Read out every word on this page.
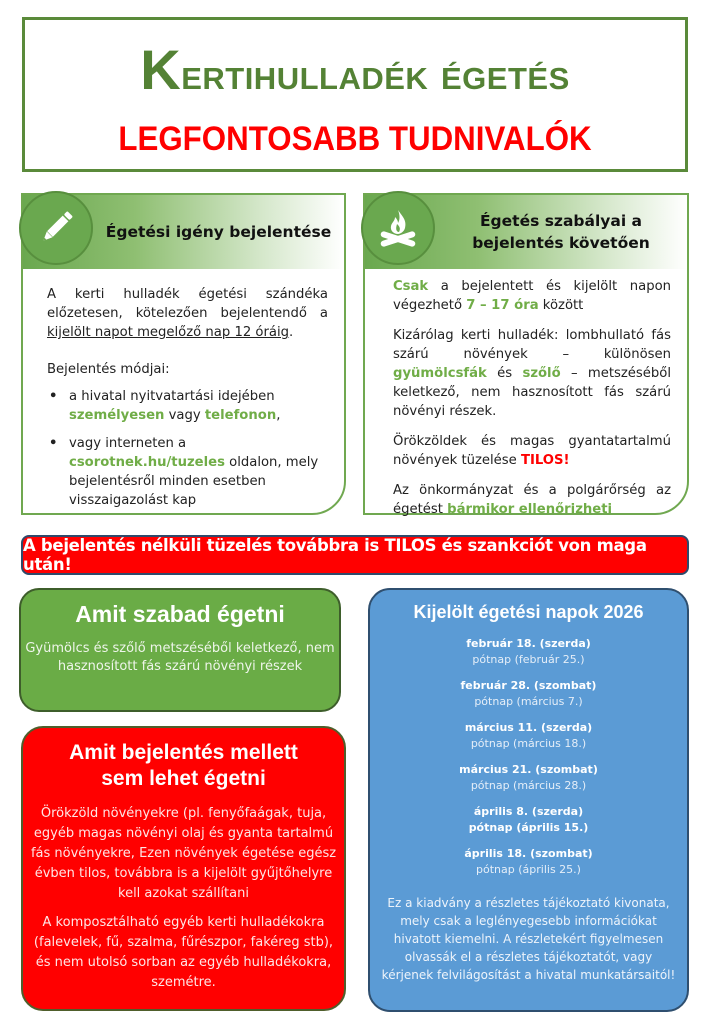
Kertihulladék égetés
LEGFONTOSABB TUDNIVALÓK
Égetési igény bejelentése

A kerti hulladék égetési szándéka előzetesen, kötelezően bejelentendő a kijelölt napot megelőző nap 12 óráig.

Bejelentés módjai:

• a hivatal nyitvatartási idejében személyesen vagy telefonon,
• vagy interneten a csorotnek.hu/tuzeles oldalon, mely bejelentésről minden esetben visszaigazolást kap
Égetés szabályai a
bejelentés követően

Csak a bejelentett és kijelölt napon végezhető 7 – 17 óra között

Kizárólag kerti hulladék: lombhullató fás szárú növények – különösen gyümölcsfák és szőlő – metszéséből keletkező, nem hasznosított fás szárú növényi részek.

Örökzöldek és magas gyantatartalmú növények tüzelése TILOS!

Az önkormányzat és a polgárőrség az égetést bármikor ellenőrizheti

A bejelentés nélküli tüzelés továbbra is TILOS és szankciót von maga után!
Amit szabad égetni
Gyümölcs és szőlő metszéséből keletkező, nem hasznosított fás szárú növényi részek
Amit bejelentés mellett
sem lehet égetni

Örökzöld növényekre (pl. fenyőfaágak, tuja, egyéb magas növényi olaj és gyanta tartalmú fás növényekre, Ezen növények égetése egész évben tilos, továbbra is a kijelölt gyűjtőhelyre kell azokat szállítani

A komposztálható egyéb kerti hulladékokra (falevelek, fű, szalma, fűrészpor, fakéreg stb), és nem utolsó sorban az egyéb hulladékokra, szemétre.

Kijelölt égetési napok 2026
február 18. (szerda)
pótnap (február 25.)
február 28. (szombat)
pótnap (március 7.)
március 11. (szerda)
pótnap (március 18.)
március 21. (szombat)
pótnap (március 28.)
április 8. (szerda)
pótnap (április 15.)
április 18. (szombat)
pótnap (április 25.)
Ez a kiadvány a részletes tájékoztató kivonata, mely csak a leglényegesebb információkat hivatott kiemelni. A részletekért figyelmesen olvassák el a részletes tájékoztatót, vagy kérjenek felvilágosítást a hivatal munkatársaitól!
